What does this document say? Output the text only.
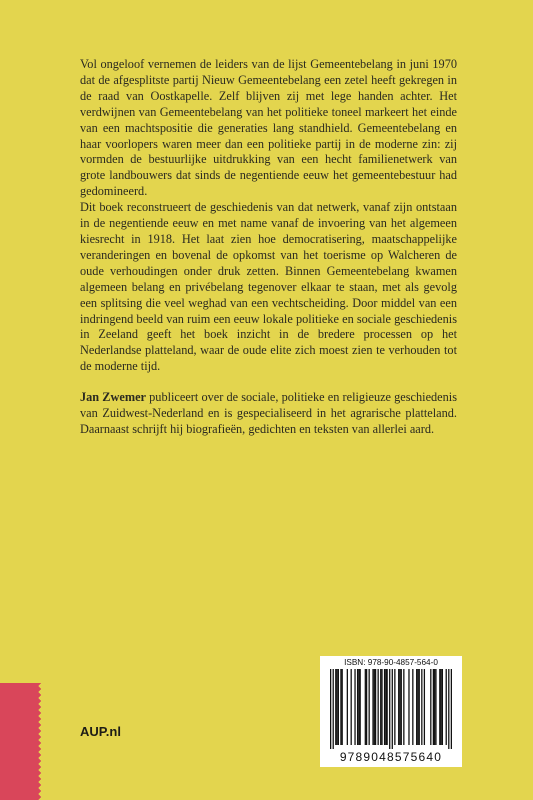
Vol ongeloof vernemen de leiders van de lijst Gemeentebelang in juni 1970 dat de afgesplitste partij Nieuw Gemeentebelang een zetel heeft gekregen in de raad van Oostkapelle. Zelf blijven zij met lege handen achter. Het verdwijnen van Gemeentebelang van het politieke toneel markeert het einde van een machtspositie die generaties lang standhield. Gemeentebelang en haar voorlopers waren meer dan een politieke partij in de moderne zin: zij vormden de bestuurlijke uitdrukking van een hecht familienetwerk van grote landbouwers dat sinds de negentiende eeuw het gemeentebestuur had gedomineerd.

Dit boek reconstrueert de geschiedenis van dat netwerk, vanaf zijn ontstaan in de negentiende eeuw en met name vanaf de invoering van het algemeen kiesrecht in 1918. Het laat zien hoe democratisering, maatschappelijke veranderingen en bovenal de opkomst van het toerisme op Walcheren de oude verhoudingen onder druk zetten. Binnen Gemeentebelang kwamen algemeen belang en privébelang tegenover elkaar te staan, met als gevolg een splitsing die veel weghad van een vechtscheiding. Door middel van een indringend beeld van ruim een eeuw lokale politieke en sociale geschiedenis in Zeeland geeft het boek inzicht in de bredere processen op het Nederlandse platteland, waar de oude elite zich moest zien te verhouden tot de moderne tijd.

Jan Zwemer publiceert over de sociale, politieke en religieuze geschiedenis van Zuidwest-Nederland en is gespecialiseerd in het agrarische platteland. Daarnaast schrijft hij biografieën, gedichten en teksten van allerlei aard.

AUP.nl
ISBN: 978-90-4857-564-0
9789048575640
